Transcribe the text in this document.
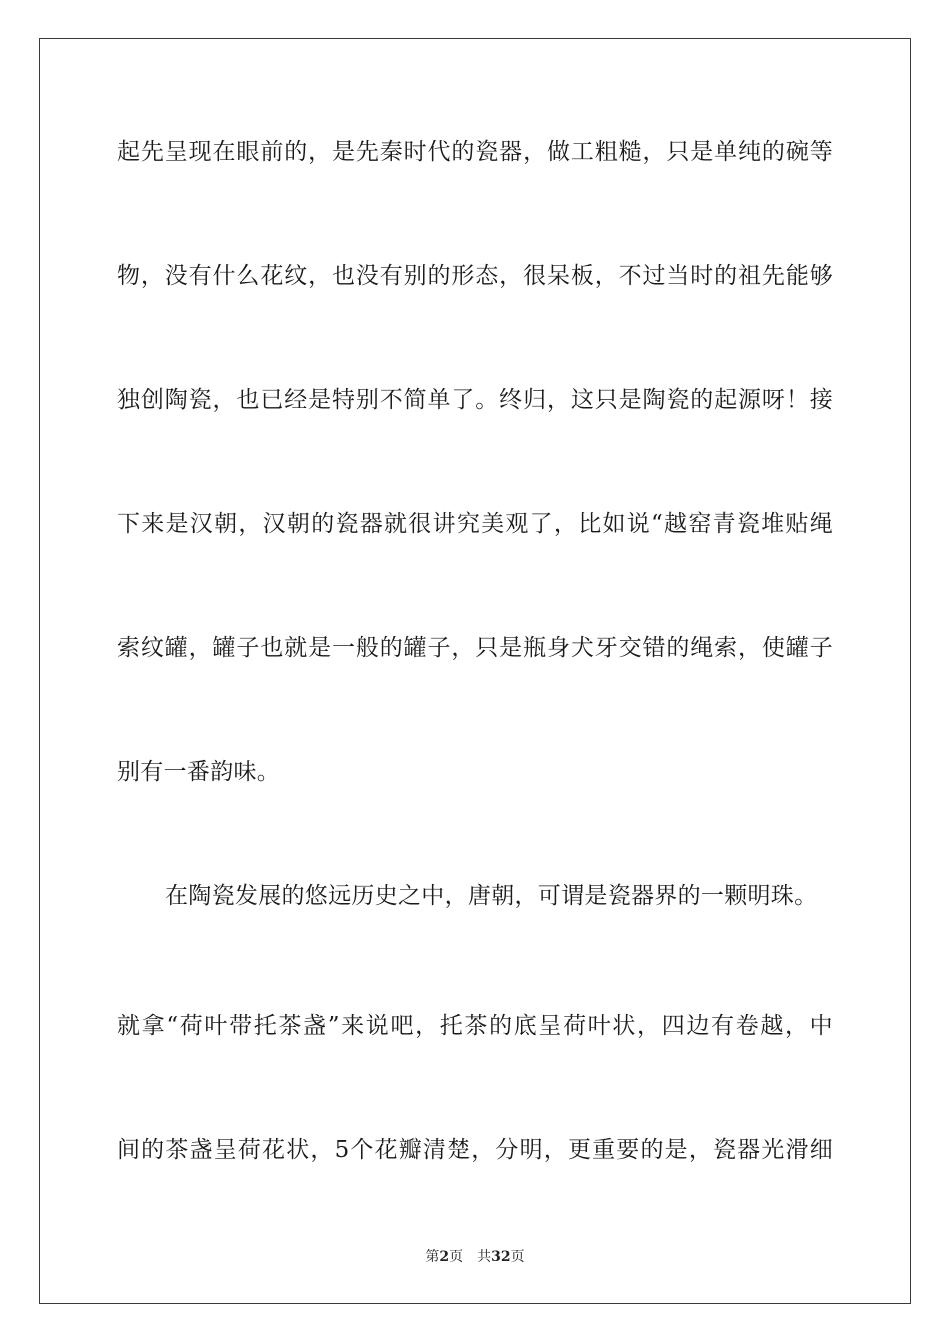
起先呈现在眼前的，是先秦时代的瓷器，做工粗糙，只是单纯的碗等
物，没有什么花纹，也没有别的形态，很呆板，不过当时的祖先能够
独创陶瓷，也已经是特别不简单了。终归，这只是陶瓷的起源呀！接
下来是汉朝，汉朝的瓷器就很讲究美观了，比如说“越窑青瓷堆贴绳
索纹罐，罐子也就是一般的罐子，只是瓶身犬牙交错的绳索，使罐子
别有一番韵味。
在陶瓷发展的悠远历史之中，唐朝，可谓是瓷器界的一颗明珠。
就拿“荷叶带托茶盏”来说吧，托茶的底呈荷叶状，四边有卷越，中
间的茶盏呈荷花状，5个花瓣清楚，分明，更重要的是，瓷器光滑细
第2页 共32页
